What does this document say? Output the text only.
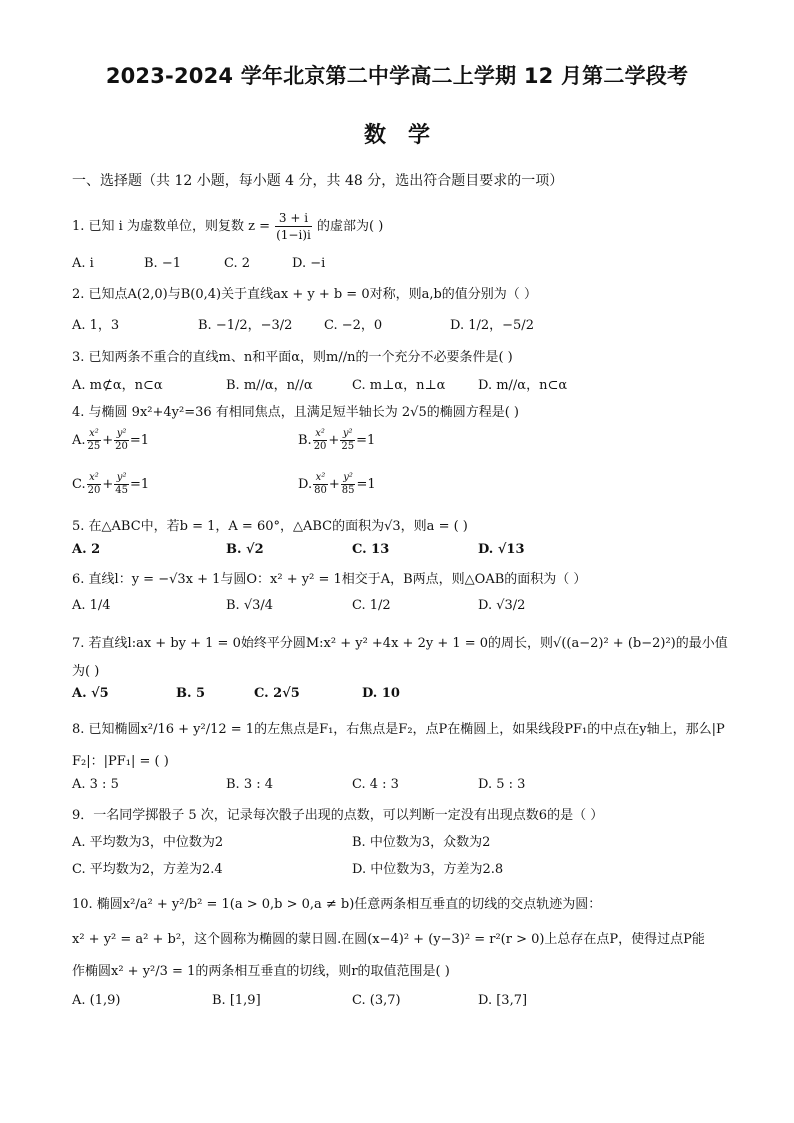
2023-2024 学年北京第二中学高二上学期 12 月第二学段考
数学
一、选择题（共 12 小题，每小题 4 分，共 48 分，选出符合题目要求的一项）
1. 已知 i 为虚数单位，则复数 $z = \frac{3 + i}{(1-i)i}$ 的虚部为( )
A. i	B. −1	C. 2	D. −i
2. 已知点A(2,0)与B(0,4)关于直线ax + y + b = 0对称，则a,b的值分别为（ ）
A. 1，3	B. −1/2，−3/2 C. −2，0	D. 1/2，−5/2
3. 已知两条不重合的直线m、n和平面α，则m//n的一个充分不必要条件是( )
A. m⊄α，n⊂α	B. m//α，n//α	C. m⊥α，n⊥α	D. m//α，n⊂α
4. 与椭圆 9x²+4y²=36 有相同焦点，且满足短半轴长为 2√5的椭圆方程是( )
A. $\frac{\text{x²}}{25} + \frac{\text{y²}}{20} =1$	B. $\frac{\text{x²}}{20} + \frac{\text{y²}}{25} =1$
C. $\frac{\text{x²}}{20} + \frac{\text{y²}}{45} =1$	D. $\frac{\text{x²}}{80} + \frac{\text{y²}}{85} =1$
5. 在△ABC中，若b = 1，A = 60°，△ABC的面积为√3，则a = ( )
A. 2	B. √2	C. 13	D. √13
6. 直线l：y = −√3x + 1与圆O：x² + y² = 1相交于A，B两点，则△OAB的面积为（ ）
A. 1/4	B. √3/4	C. 1/2	D. √3/2
7. 若直线l:ax + by + 1 = 0始终平分圆M:x² + y² +4x + 2y + 1 = 0的周长，则√((a−2)² + (b−2)²)的最小值
为( )
A. √5	B. 5	C. 2√5	D. 10
8. 已知椭圆x²/16 + y²/12 = 1的左焦点是F₁，右焦点是F₂，点P在椭圆上，如果线段PF₁的中点在y轴上，那么|P
F₂|：|PF₁| = ( )
A. 3 : 5	B. 3 : 4	C. 4 : 3	D. 5 : 3
9．一名同学掷骰子 5 次，记录每次骰子出现的点数，可以判断一定没有出现点数6的是（ ）
A. 平均数为3，中位数为2	B. 中位数为3，众数为2
C. 平均数为2，方差为2.4	D. 中位数为3，方差为2.8
10. 椭圆x²/a² + y²/b² = 1(a > 0,b > 0,a ≠ b)任意两条相互垂直的切线的交点轨迹为圆：
x² + y² = a² + b²，这个圆称为椭圆的蒙日圆.在圆(x−4)² + (y−3)² = r²(r > 0)上总存在点P，使得过点P能
作椭圆x² + y²/3 = 1的两条相互垂直的切线，则r的取值范围是( )
A. (1,9)	B. [1,9]	C. (3,7)	D. [3,7]
